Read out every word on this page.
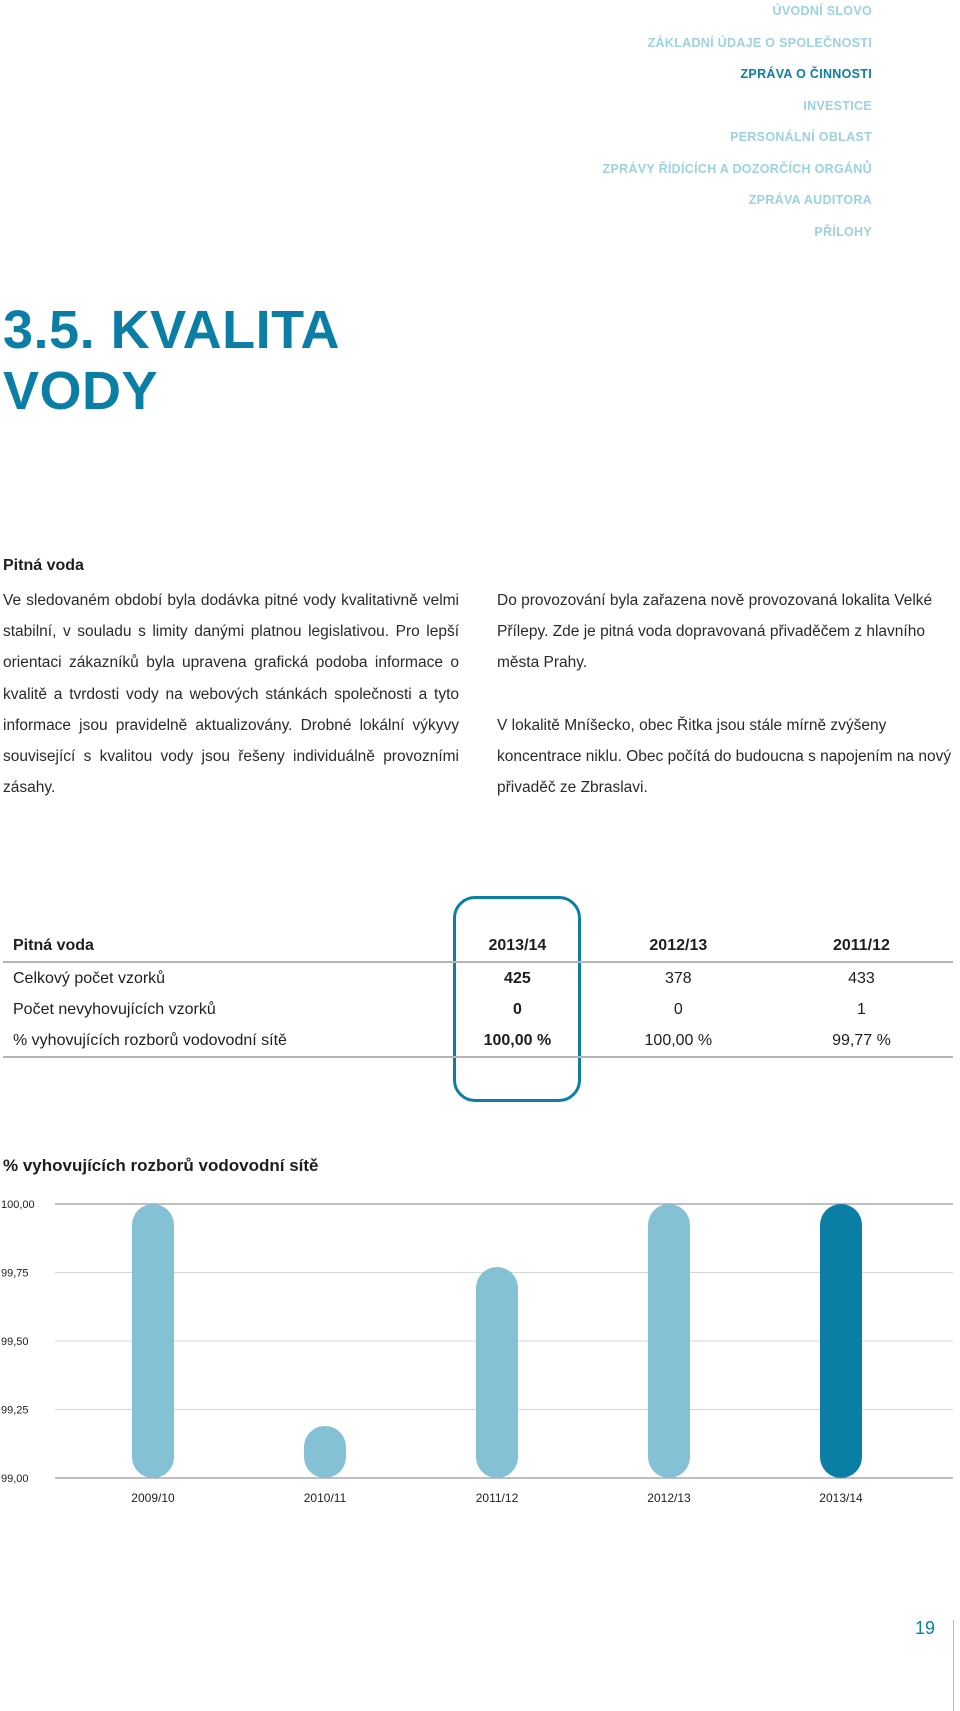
ÚVODNÍ SLOVO
ZÁKLADNÍ ÚDAJE O SPOLEČNOSTI
ZPRÁVA O ČINNOSTI
INVESTICE
PERSONÁLNÍ OBLAST
ZPRÁVY ŘÍDÍCÍCH A DOZORČÍCH ORGÁNŮ
ZPRÁVA AUDITORA
PŘÍLOHY
3.5. KVALITA
VODY
Pitná voda

Ve sledovaném období byla dodávka pitné vody kvalitativně velmi stabilní, v souladu s limity danými platnou legislativou. Pro lepší orientaci zákazníků byla upravena grafická podoba informace o kvalitě a tvrdosti vody na webových stánkách společnosti a tyto informace jsou pravidelně aktualizovány. Drobné lokální výkyvy související s kvalitou vody jsou řešeny individuálně provozními zásahy.

Do provozování byla zařazena nově provozovaná lokalita Velké Přílepy. Zde je pitná voda dopravovaná přivaděčem z hlavního města Prahy.

V lokalitě Mníšecko, obec Řitka jsou stále mírně zvýšeny koncentrace niklu. Obec počítá do budoucna s napojením na nový přivaděč ze Zbraslavi.

Pitná voda	2013/14	2012/13	2011/12
Celkový počet vzorků	425	378	433
Počet nevyhovujících vzorků	0	0	1
% vyhovujících rozborů vodovodní sítě	100,00 %	100,00 %	99,77 %
% vyhovujících rozborů vodovodní sítě
99,00
99,25
99,50
99,75
100,00
2009/10	2010/11	2011/12	2012/13	2013/14
19
